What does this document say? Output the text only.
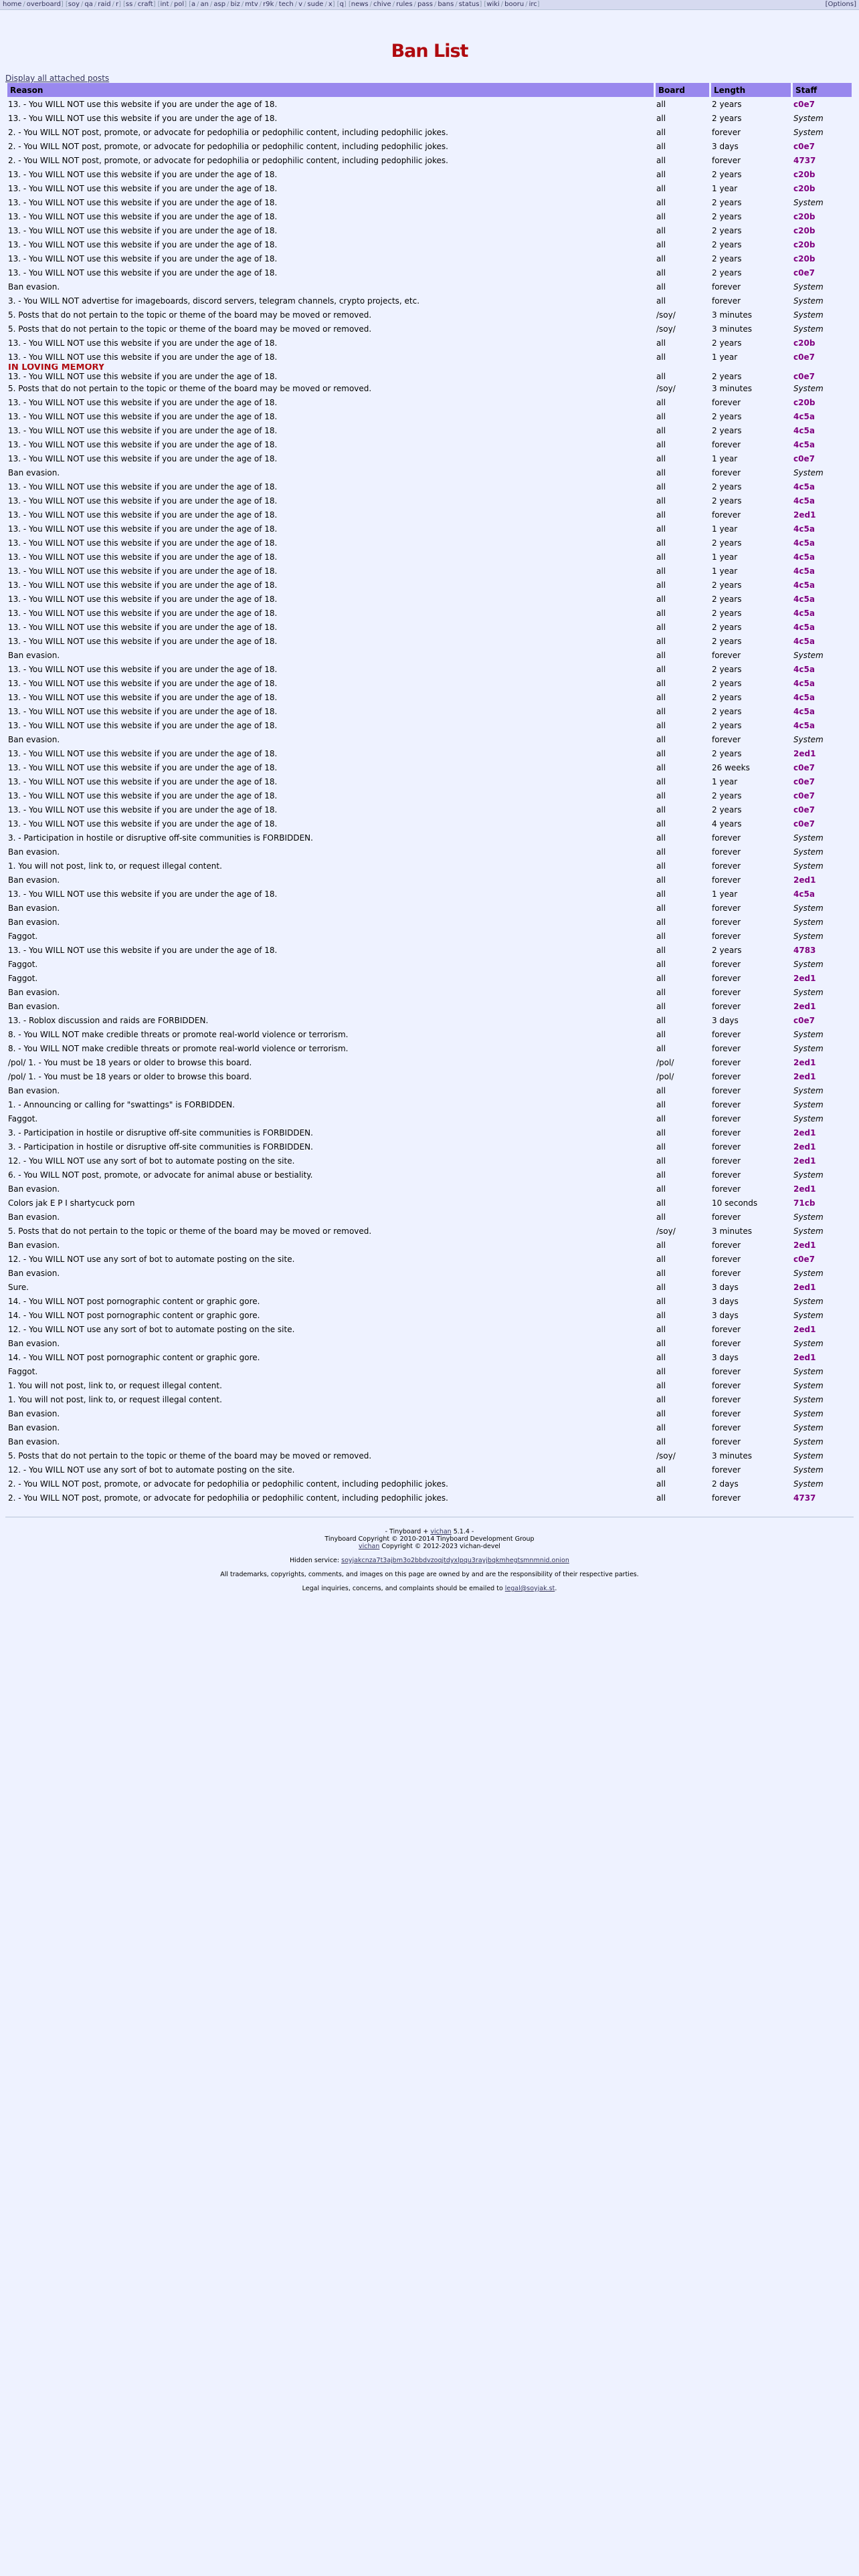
home / overboard ] [ soy / qa / raid / r ] [ ss / craft ] [ int / pol ] [ a / an / asp / biz / mtv / r9k / tech / v / sude / x ] [ q ] [ news / chive / rules / pass / bans / status ] [ wiki / booru / irc ]	[Options]
Ban List
Display all attached posts
Reason	Board	Length	Staff
13. - You WILL NOT use this website if you are under the age of 18.	all	2 years	c0e7
13. - You WILL NOT use this website if you are under the age of 18.	all	2 years	System
2. - You WILL NOT post, promote, or advocate for pedophilia or pedophilic content, including pedophilic jokes.	all	forever	System
2. - You WILL NOT post, promote, or advocate for pedophilia or pedophilic content, including pedophilic jokes.	all	3 days	c0e7
2. - You WILL NOT post, promote, or advocate for pedophilia or pedophilic content, including pedophilic jokes.	all	forever	4737
13. - You WILL NOT use this website if you are under the age of 18.	all	2 years	c20b
13. - You WILL NOT use this website if you are under the age of 18.	all	1 year	c20b
13. - You WILL NOT use this website if you are under the age of 18.	all	2 years	System
13. - You WILL NOT use this website if you are under the age of 18.	all	2 years	c20b
13. - You WILL NOT use this website if you are under the age of 18.	all	2 years	c20b
13. - You WILL NOT use this website if you are under the age of 18.	all	2 years	c20b
13. - You WILL NOT use this website if you are under the age of 18.	all	2 years	c20b
13. - You WILL NOT use this website if you are under the age of 18.	all	2 years	c0e7
Ban evasion.	all	forever	System
3. - You WILL NOT advertise for imageboards, discord servers, telegram channels, crypto projects, etc.	all	forever	System
5. Posts that do not pertain to the topic or theme of the board may be moved or removed.	/soy/	3 minutes	System
5. Posts that do not pertain to the topic or theme of the board may be moved or removed.	/soy/	3 minutes	System
13. - You WILL NOT use this website if you are under the age of 18.	all	2 years	c20b
13. - You WILL NOT use this website if you are under the age of 18.	all	1 year	c0e7

IN LOVING MEMORY
13. - You WILL NOT use this website if you are under the age of 18.	all	2 years	c0e7
5. Posts that do not pertain to the topic or theme of the board may be moved or removed.	/soy/	3 minutes	System
13. - You WILL NOT use this website if you are under the age of 18.	all	forever	c20b
13. - You WILL NOT use this website if you are under the age of 18.	all	2 years	4c5a
13. - You WILL NOT use this website if you are under the age of 18.	all	2 years	4c5a
13. - You WILL NOT use this website if you are under the age of 18.	all	forever	4c5a
13. - You WILL NOT use this website if you are under the age of 18.	all	1 year	c0e7
Ban evasion.	all	forever	System
13. - You WILL NOT use this website if you are under the age of 18.	all	2 years	4c5a
13. - You WILL NOT use this website if you are under the age of 18.	all	2 years	4c5a
13. - You WILL NOT use this website if you are under the age of 18.	all	forever	2ed1
13. - You WILL NOT use this website if you are under the age of 18.	all	1 year	4c5a
13. - You WILL NOT use this website if you are under the age of 18.	all	2 years	4c5a
13. - You WILL NOT use this website if you are under the age of 18.	all	1 year	4c5a
13. - You WILL NOT use this website if you are under the age of 18.	all	1 year	4c5a
13. - You WILL NOT use this website if you are under the age of 18.	all	2 years	4c5a
13. - You WILL NOT use this website if you are under the age of 18.	all	2 years	4c5a
13. - You WILL NOT use this website if you are under the age of 18.	all	2 years	4c5a
13. - You WILL NOT use this website if you are under the age of 18.	all	2 years	4c5a
13. - You WILL NOT use this website if you are under the age of 18.	all	2 years	4c5a
Ban evasion.	all	forever	System
13. - You WILL NOT use this website if you are under the age of 18.	all	2 years	4c5a
13. - You WILL NOT use this website if you are under the age of 18.	all	2 years	4c5a
13. - You WILL NOT use this website if you are under the age of 18.	all	2 years	4c5a
13. - You WILL NOT use this website if you are under the age of 18.	all	2 years	4c5a
13. - You WILL NOT use this website if you are under the age of 18.	all	2 years	4c5a
Ban evasion.	all	forever	System
13. - You WILL NOT use this website if you are under the age of 18.	all	2 years	2ed1
13. - You WILL NOT use this website if you are under the age of 18.	all	26 weeks	c0e7
13. - You WILL NOT use this website if you are under the age of 18.	all	1 year	c0e7
13. - You WILL NOT use this website if you are under the age of 18.	all	2 years	c0e7
13. - You WILL NOT use this website if you are under the age of 18.	all	2 years	c0e7
13. - You WILL NOT use this website if you are under the age of 18.	all	4 years	c0e7
3. - Participation in hostile or disruptive off-site communities is FORBIDDEN.	all	forever	System
Ban evasion.	all	forever	System
1. You will not post, link to, or request illegal content.	all	forever	System
Ban evasion.	all	forever	2ed1
13. - You WILL NOT use this website if you are under the age of 18.	all	1 year	4c5a
Ban evasion.	all	forever	System
Ban evasion.	all	forever	System
Faggot.	all	forever	System
13. - You WILL NOT use this website if you are under the age of 18.	all	2 years	4783
Faggot.	all	forever	System
Faggot.	all	forever	2ed1
Ban evasion.	all	forever	System
Ban evasion.	all	forever	2ed1
13. - Roblox discussion and raids are FORBIDDEN.	all	3 days	c0e7
8. - You WILL NOT make credible threats or promote real-world violence or terrorism.	all	forever	System
8. - You WILL NOT make credible threats or promote real-world violence or terrorism.	all	forever	System
/pol/ 1. - You must be 18 years or older to browse this board.	/pol/	forever	2ed1
/pol/ 1. - You must be 18 years or older to browse this board.	/pol/	forever	2ed1
Ban evasion.	all	forever	System
1. - Announcing or calling for "swattings" is FORBIDDEN.	all	forever	System
Faggot.	all	forever	System
3. - Participation in hostile or disruptive off-site communities is FORBIDDEN.	all	forever	2ed1
3. - Participation in hostile or disruptive off-site communities is FORBIDDEN.	all	forever	2ed1
12. - You WILL NOT use any sort of bot to automate posting on the site.	all	forever	2ed1
6. - You WILL NOT post, promote, or advocate for animal abuse or bestiality.	all	forever	System
Ban evasion.	all	forever	2ed1
Colors jak E P I shartycuck porn	all	10 seconds	71cb
Ban evasion.	all	forever	System
5. Posts that do not pertain to the topic or theme of the board may be moved or removed.	/soy/	3 minutes	System
Ban evasion.	all	forever	2ed1
12. - You WILL NOT use any sort of bot to automate posting on the site.	all	forever	c0e7
Ban evasion.	all	forever	System
Sure.	all	3 days	2ed1
14. - You WILL NOT post pornographic content or graphic gore.	all	3 days	System
14. - You WILL NOT post pornographic content or graphic gore.	all	3 days	System
12. - You WILL NOT use any sort of bot to automate posting on the site.	all	forever	2ed1
Ban evasion.	all	forever	System
14. - You WILL NOT post pornographic content or graphic gore.	all	3 days	2ed1
Faggot.	all	forever	System
1. You will not post, link to, or request illegal content.	all	forever	System
1. You will not post, link to, or request illegal content.	all	forever	System
Ban evasion.	all	forever	System
Ban evasion.	all	forever	System
Ban evasion.	all	forever	System
5. Posts that do not pertain to the topic or theme of the board may be moved or removed.	/soy/	3 minutes	System
12. - You WILL NOT use any sort of bot to automate posting on the site.	all	forever	System
2. - You WILL NOT post, promote, or advocate for pedophilia or pedophilic content, including pedophilic jokes.	all	2 days	System
2. - You WILL NOT post, promote, or advocate for pedophilia or pedophilic content, including pedophilic jokes.	all	forever	4737

- Tinyboard + vichan 5.1.4 -

Tinyboard Copyright © 2010-2014 Tinyboard Development Group

vichan Copyright © 2012-2023 vichan-devel

Hidden service: soyjakcnza7t3ajbm3o2bbdvzoqjtdyxlpqu3rayjbqkmhegtsmnmnid.onion

All trademarks, copyrights, comments, and images on this page are owned by and are the responsibility of their respective parties.

Legal inquiries, concerns, and complaints should be emailed to legal@soyjak.st.
